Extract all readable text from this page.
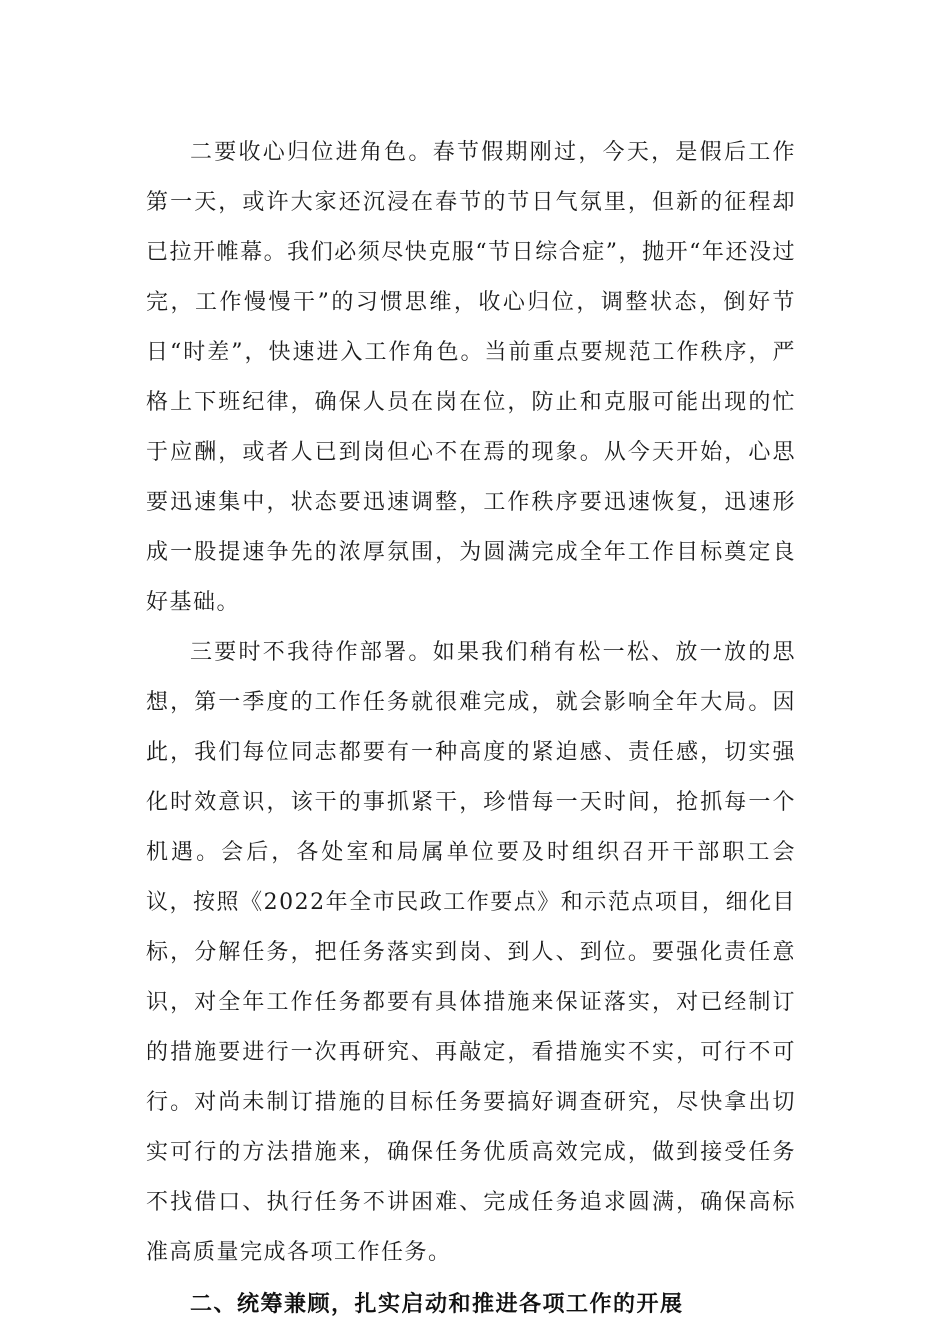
二要收心归位进角色。春节假期刚过，今天，是假后工作第一天，或许大家还沉浸在春节的节日气氛里，但新的征程却已拉开帷幕。我们必须尽快克服“节日综合症”，抛开“年还没过完，工作慢慢干”的习惯思维，收心归位，调整状态，倒好节日“时差”，快速进入工作角色。当前重点要规范工作秩序，严格上下班纪律，确保人员在岗在位，防止和克服可能出现的忙于应酬，或者人已到岗但心不在焉的现象。从今天开始，心思要迅速集中，状态要迅速调整，工作秩序要迅速恢复，迅速形成一股提速争先的浓厚氛围，为圆满完成全年工作目标奠定良好基础。

三要时不我待作部署。如果我们稍有松一松、放一放的思想，第一季度的工作任务就很难完成，就会影响全年大局。因此，我们每位同志都要有一种高度的紧迫感、责任感，切实强化时效意识，该干的事抓紧干，珍惜每一天时间，抢抓每一个机遇。会后，各处室和局属单位要及时组织召开干部职工会议，按照《2022年全市民政工作要点》和示范点项目，细化目标，分解任务，把任务落实到岗、到人、到位。要强化责任意识，对全年工作任务都要有具体措施来保证落实，对已经制订的措施要进行一次再研究、再敲定，看措施实不实，可行不可行。对尚未制订措施的目标任务要搞好调查研究，尽快拿出切实可行的方法措施来，确保任务优质高效完成，做到接受任务不找借口、执行任务不讲困难、完成任务追求圆满，确保高标准高质量完成各项工作任务。

二、统筹兼顾，扎实启动和推进各项工作的开展
